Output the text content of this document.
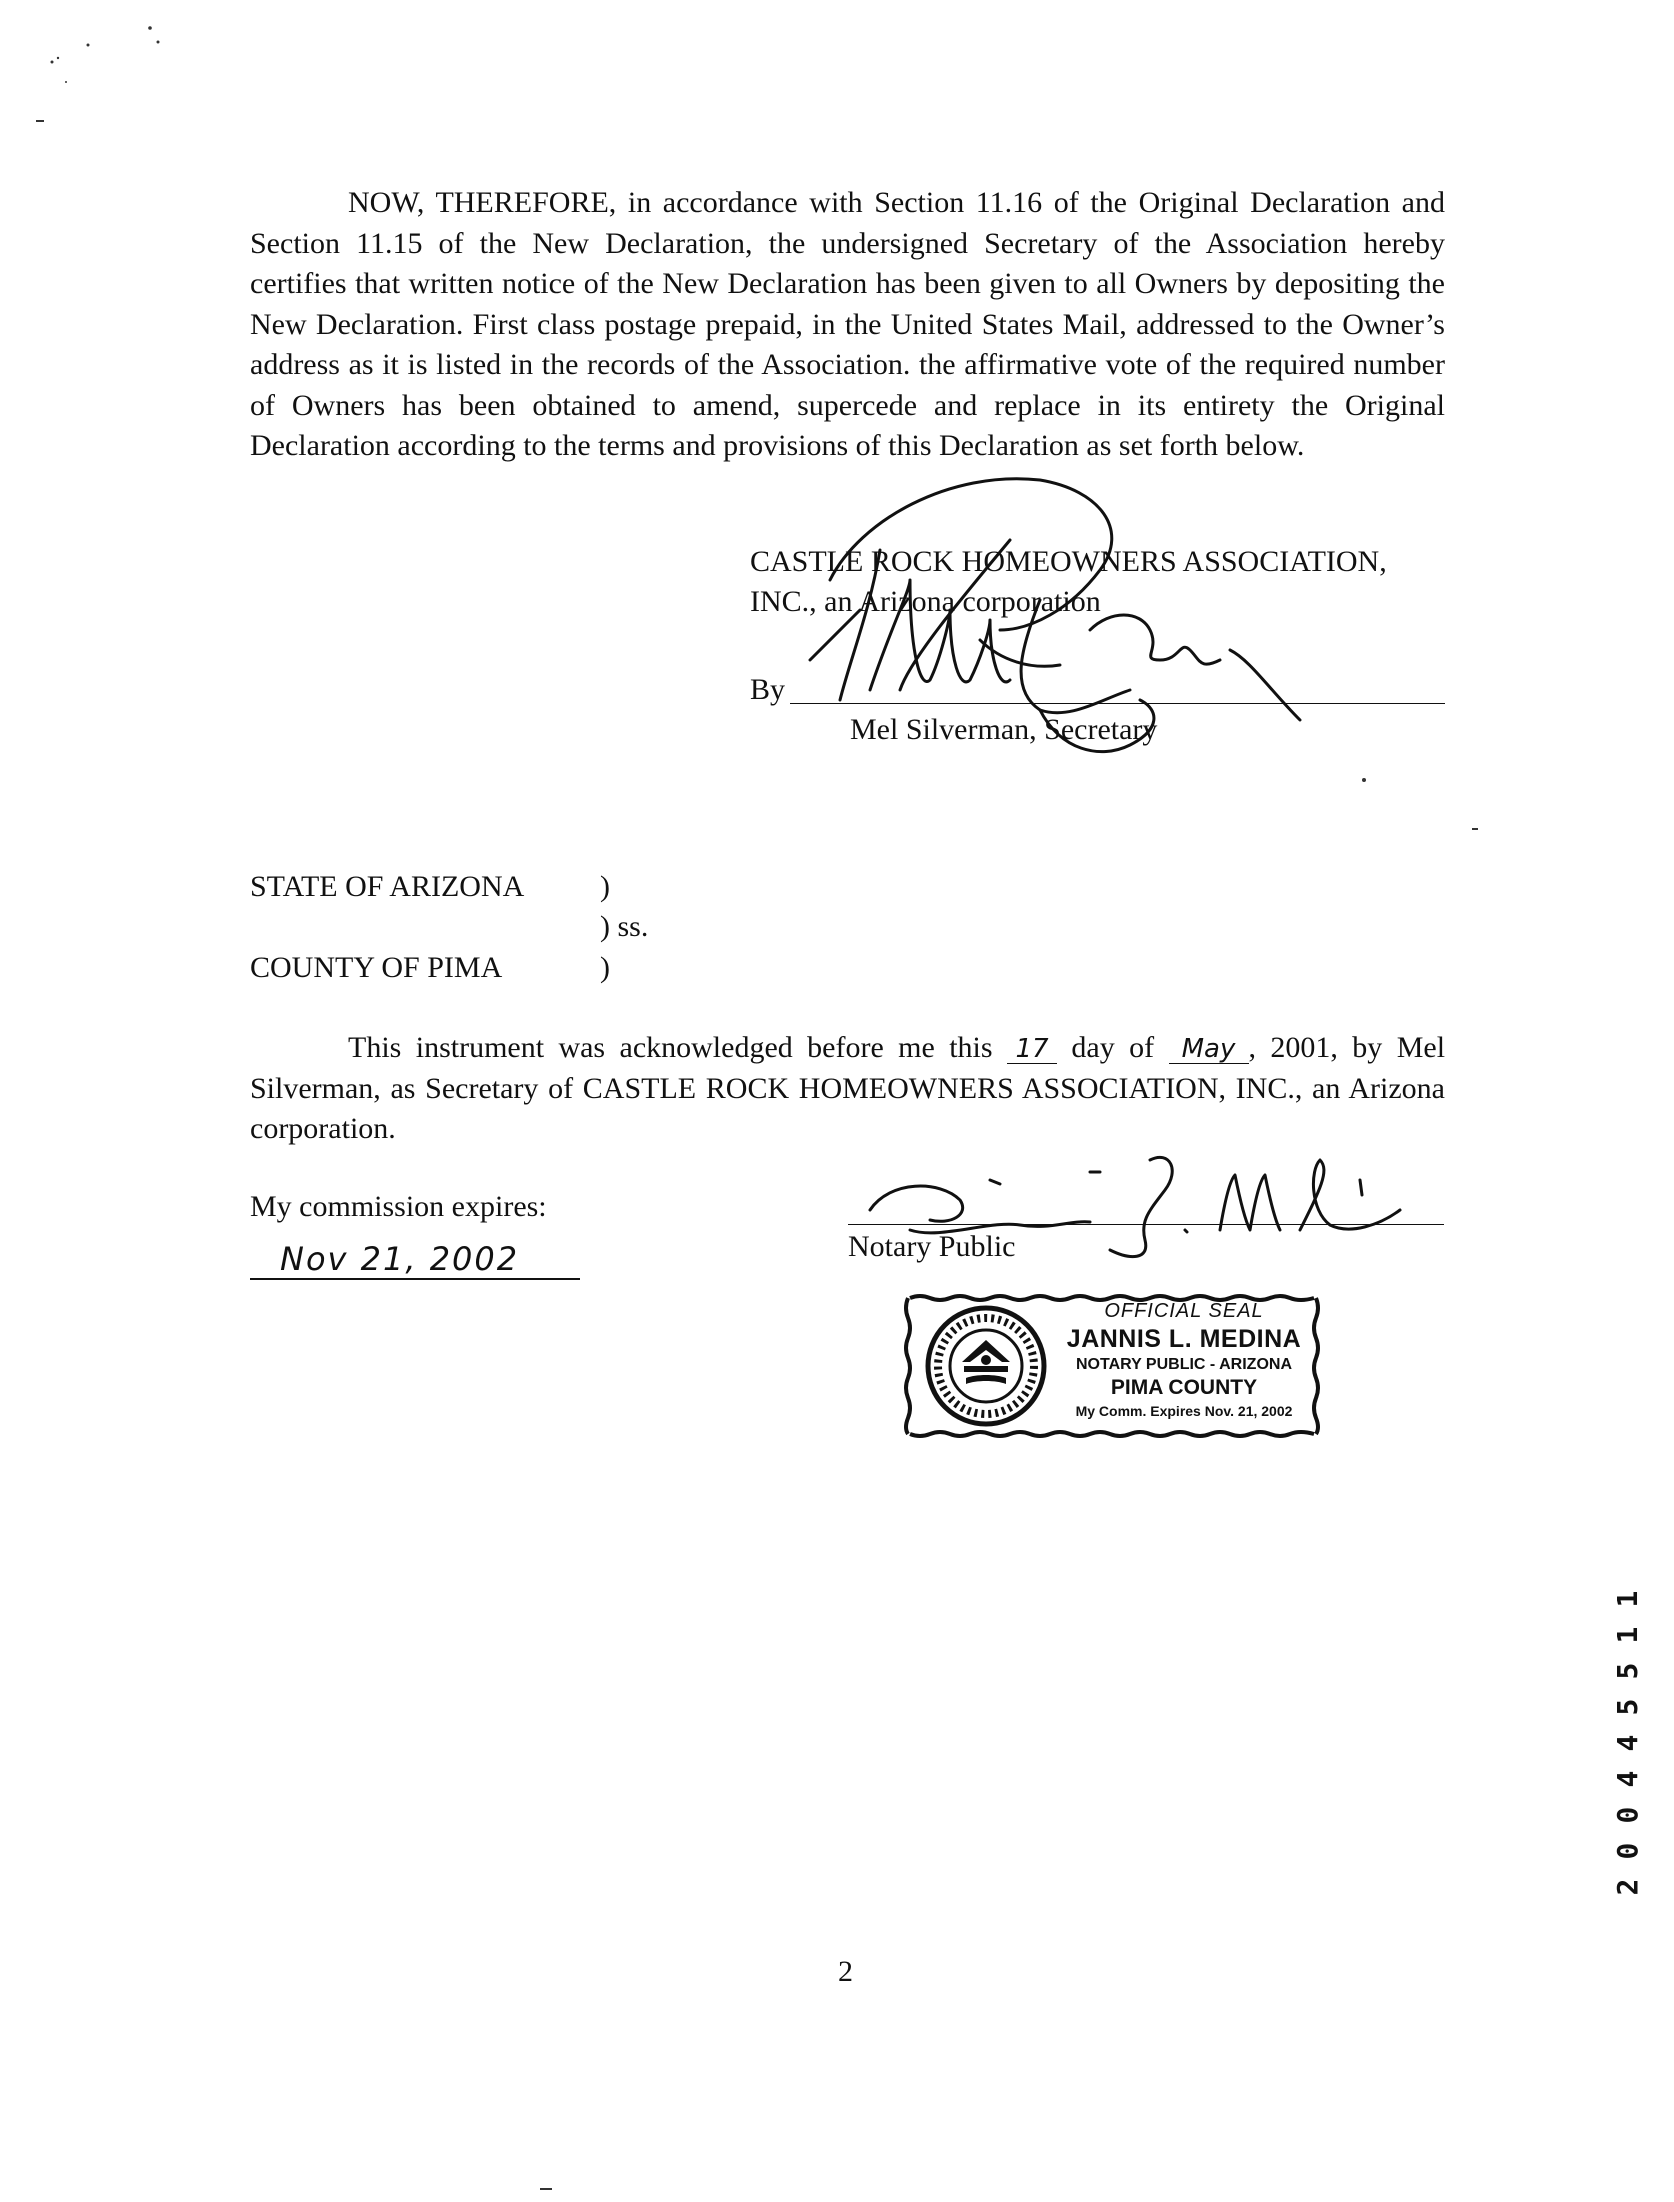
NOW, THEREFORE, in accordance with Section 11.16 of the Original Declaration and Section 11.15 of the New Declaration, the undersigned Secretary of the Association hereby certifies that written notice of the New Declaration has been given to all Owners by depositing the New Declaration. First class postage prepaid, in the United States Mail, addressed to the Owner’s address as it is listed in the records of the Association. the affirmative vote of the required number of Owners has been obtained to amend, supercede and replace in its entirety the Original Declaration according to the terms and provisions of this Declaration as set forth below.

CASTLE ROCK HOMEOWNERS ASSOCIATION,
INC., an Arizona corporation
By
Mel Silverman, Secretary
STATE OF ARIZONA	)
) ss.
COUNTY OF PIMA	)

This instrument was acknowledged before me this 17 day of May , 2001, by Mel Silverman, as Secretary of CASTLE ROCK HOMEOWNERS ASSOCIATION, INC., an Arizona corporation.

My commission expires:
Nov 21, 2002	Notary Public
OFFICIAL SEAL
JANNIS L. MEDINA
NOTARY PUBLIC - ARIZONA
PIMA COUNTY
My Comm. Expires Nov. 21, 2002
2
1
1
5
5
4
4
0
0
2
